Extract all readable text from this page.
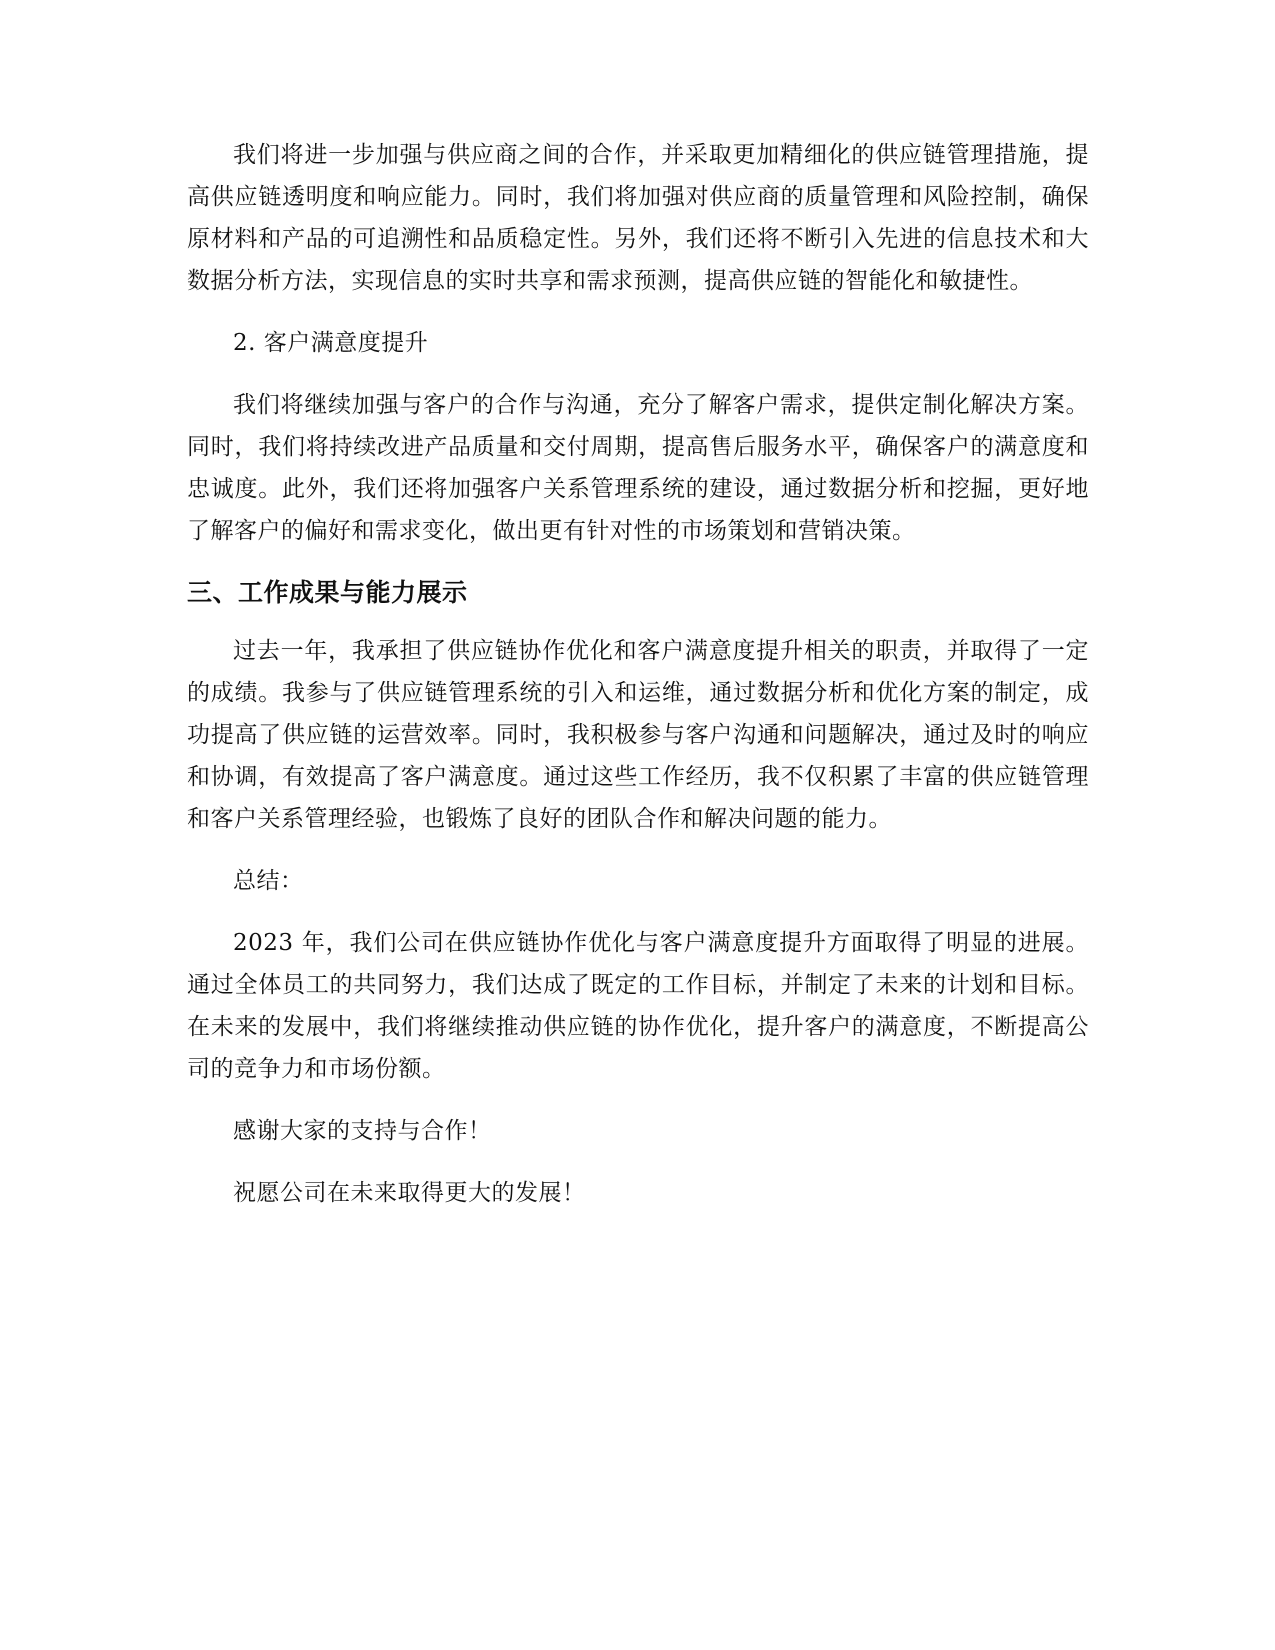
我们将进一步加强与供应商之间的合作，并采取更加精细化的供应链管理措施，提高供应链透明度和响应能力。同时，我们将加强对供应商的质量管理和风险控制，确保原材料和产品的可追溯性和品质稳定性。另外，我们还将不断引入先进的信息技术和大数据分析方法，实现信息的实时共享和需求预测，提高供应链的智能化和敏捷性。

2. 客户满意度提升

我们将继续加强与客户的合作与沟通，充分了解客户需求，提供定制化解决方案。同时，我们将持续改进产品质量和交付周期，提高售后服务水平，确保客户的满意度和忠诚度。此外，我们还将加强客户关系管理系统的建设，通过数据分析和挖掘，更好地了解客户的偏好和需求变化，做出更有针对性的市场策划和营销决策。

三、工作成果与能力展示

过去一年，我承担了供应链协作优化和客户满意度提升相关的职责，并取得了一定的成绩。我参与了供应链管理系统的引入和运维，通过数据分析和优化方案的制定，成功提高了供应链的运营效率。同时，我积极参与客户沟通和问题解决，通过及时的响应和协调，有效提高了客户满意度。通过这些工作经历，我不仅积累了丰富的供应链管理和客户关系管理经验，也锻炼了良好的团队合作和解决问题的能力。

总结：

2023 年，我们公司在供应链协作优化与客户满意度提升方面取得了明显的进展。通过全体员工的共同努力，我们达成了既定的工作目标，并制定了未来的计划和目标。在未来的发展中，我们将继续推动供应链的协作优化，提升客户的满意度，不断提高公司的竞争力和市场份额。

感谢大家的支持与合作！

祝愿公司在未来取得更大的发展！
